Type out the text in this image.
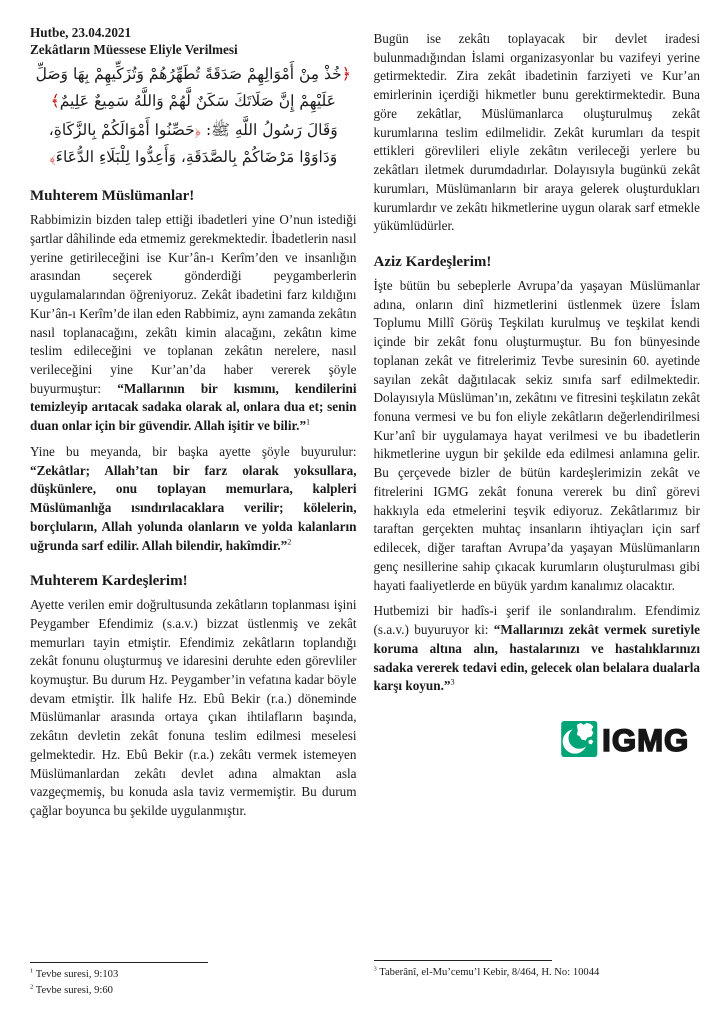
Hutbe, 23.04.2021
Zekâtların Müessese Eliyle Verilmesi
﴿خُذْ مِنْ أَمْوَالِهِمْ صَدَقَةً تُطَهِّرُهُمْ وَتُزَكِّيهِمْ بِهَا وَصَلِّ عَلَيْهِمْ إِنَّ صَلَاتَكَ سَكَنٌ لَّهُمْ وَاللَّهُ سَمِيعٌ عَلِيمٌ﴾
وَقَالَ رَسُولُ اللَّهِ ﷺ: ﴿حَصِّنُوا أَمْوَالَكُمْ بِالزَّكَاةِ، وَدَاوَوْا مَرْضَاكُمْ بِالصَّدَقَةِ، وَأَعِدُّوا لِلْبَلَاءِ الدُّعَاءَ﴾
Muhterem Müslümanlar!

Rabbimizin bizden talep ettiği ibadetleri yine O’nun istediği şartlar dâhilinde eda etmemiz gerekmektedir. İbadetlerin nasıl yerine getirileceğini ise Kur’ân-ı Kerîm’den ve insanlığın arasından seçerek gönderdiği peygamberlerin uygulamalarından öğreniyoruz. Zekât ibadetini farz kıldığını Kur’ân-ı Kerîm’de ilan eden Rabbimiz, aynı zamanda zekâtın nasıl toplanacağını, zekâtı kimin alacağını, zekâtın kime teslim edileceğini ve toplanan zekâtın nerelere, nasıl verileceğini yine Kur’an’da haber vererek şöyle buyurmuştur: “Mallarının bir kısmını, kendilerini temizleyip arıtacak sadaka olarak al, onlara dua et; senin duan onlar için bir güvendir. Allah işitir ve bilir.”$^1$

Yine bu meyanda, bir başka ayette şöyle buyurulur: “Zekâtlar; Allah’tan bir farz olarak yoksullara, düşkünlere, onu toplayan memurlara, kalpleri Müslümanlığa ısındırılacaklara verilir; kölelerin, borçluların, Allah yolunda olanların ve yolda kalanların uğrunda sarf edilir. Allah bilendir, hakîmdir.”$^2$

Muhterem Kardeşlerim!

Ayette verilen emir doğrultusunda zekâtların toplanması işini Peygamber Efendimiz (s.a.v.) bizzat üstlenmiş ve zekât memurları tayin etmiştir. Efendimiz zekâtların toplandığı zekât fonunu oluşturmuş ve idaresini deruhte eden görevliler koymuştur. Bu durum Hz. Peygamber’in vefatına kadar böyle devam etmiştir. İlk halife Hz. Ebû Bekir (r.a.) döneminde Müslümanlar arasında ortaya çıkan ihtilafların başında, zekâtın devletin zekât fonuna teslim edilmesi meselesi gelmektedir. Hz. Ebû Bekir (r.a.) zekâtı vermek istemeyen Müslümanlardan zekâtı devlet adına almaktan asla vazgeçmemiş, bu konuda asla taviz vermemiştir. Bu durum çağlar boyunca bu şekilde uygulanmıştır.

$^1$ Tevbe suresi, 9:103
$^2$ Tevbe suresi, 9:60

Bugün ise zekâtı toplayacak bir devlet iradesi bulunmadığından İslami organizasyonlar bu vazifeyi yerine getirmektedir. Zira zekât ibadetinin farziyeti ve Kur’an emirlerinin içerdiği hikmetler bunu gerektirmektedir. Buna göre zekâtlar, Müslümanlarca oluşturulmuş zekât kurumlarına teslim edilmelidir. Zekât kurumları da tespit ettikleri görevlileri eliyle zekâtın verileceği yerlere bu zekâtları iletmek durumdadırlar. Dolayısıyla bugünkü zekât kurumları, Müslümanların bir araya gelerek oluşturdukları kurumlardır ve zekâtı hikmetlerine uygun olarak sarf etmekle yükümlüdürler.

Aziz Kardeşlerim!

İşte bütün bu sebeplerle Avrupa’da yaşayan Müslümanlar adına, onların dinî hizmetlerini üstlenmek üzere İslam Toplumu Millî Görüş Teşkilatı kurulmuş ve teşkilat kendi içinde bir zekât fonu oluşturmuştur. Bu fon bünyesinde toplanan zekât ve fitrelerimiz Tevbe suresinin 60. ayetinde sayılan zekât dağıtılacak sekiz sınıfa sarf edilmektedir. Dolayısıyla Müslüman’ın, zekâtını ve fitresini teşkilatın zekât fonuna vermesi ve bu fon eliyle zekâtların değerlendirilmesi Kur’anî bir uygulamaya hayat verilmesi ve bu ibadetlerin hikmetlerine uygun bir şekilde eda edilmesi anlamına gelir. Bu çerçevede bizler de bütün kardeşlerimizin zekât ve fitrelerini IGMG zekât fonuna vererek bu dinî görevi hakkıyla eda etmelerini teşvik ediyoruz. Zekâtlarımız bir taraftan gerçekten muhtaç insanların ihtiyaçları için sarf edilecek, diğer taraftan Avrupa’da yaşayan Müslümanların genç nesillerine sahip çıkacak kurumların oluşturulması gibi hayati faaliyetlerde en büyük yardım kanalımız olacaktır.

Hutbemizi bir hadîs-i şerif ile sonlandıralım. Efendimiz (s.a.v.) buyuruyor ki: “Mallarınızı zekât vermek suretiyle koruma altına alın, hastalarınızı ve hastalıklarınızı sadaka vererek tedavi edin, gelecek olan belalara dualarla karşı koyun.”$^3$

IGMG
$^3$ Taberânî, el-Mu’cemu’l Kebir, 8/464, H. No: 10044
